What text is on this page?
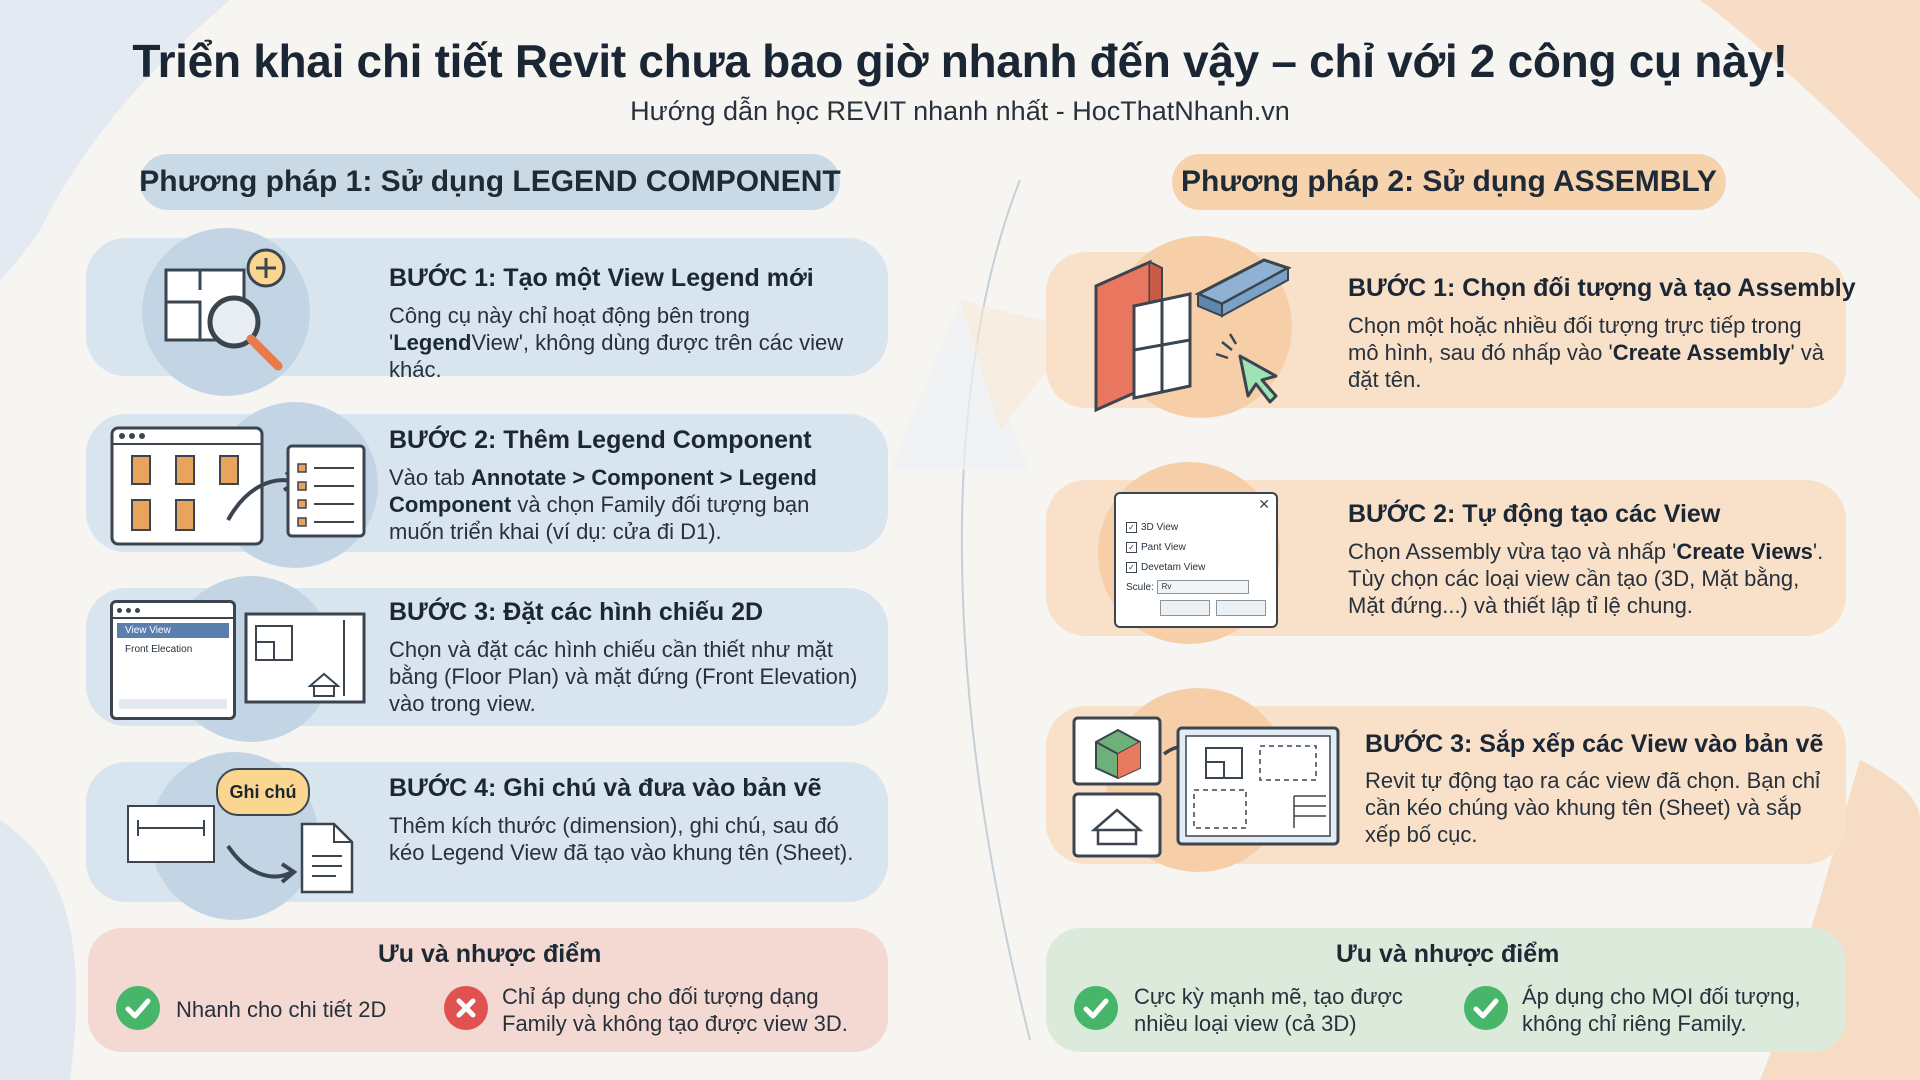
Triển khai chi tiết Revit chưa bao giờ nhanh đến vậy – chỉ với 2 công cụ này!
Hướng dẫn học REVIT nhanh nhất - HocThatNhanh.vn
Phương pháp 1: Sử dụng LEGEND COMPONENT	Phương pháp 2: Sử dụng ASSEMBLY
BƯỚC 1: Tạo một View Legend mới
Công cụ này chỉ hoạt động bên trong 'LegendView', không dùng được trên các view khác.
BƯỚC 2: Thêm Legend Component
Vào tab Annotate > Component > Legend Component và chọn Family đối tượng bạn muốn triển khai (ví dụ: cửa đi D1).
View View
Front Elecation
BƯỚC 3: Đặt các hình chiếu 2D
Chọn và đặt các hình chiếu cần thiết như mặt bằng (Floor Plan) và mặt đứng (Front Elevation) vào trong view.
Ghi chú	BƯỚC 4: Ghi chú và đưa vào bản vẽ
Thêm kích thước (dimension), ghi chú, sau đó kéo Legend View đã tạo vào khung tên (Sheet).
Ưu và nhược điểm
Nhanh cho chi tiết 2D
Chỉ áp dụng cho đối tượng dạng Family và không tạo được view 3D.
BƯỚC 1: Chọn đối tượng và tạo Assembly
Chọn một hoặc nhiều đối tượng trực tiếp trong mô hình, sau đó nhấp vào 'Create Assembly' và đặt tên.
✕
✓ 3D View
✓ Pant View
✓ Devetam View
Scule: Rv
BƯỚC 2: Tự động tạo các View
Chọn Assembly vừa tạo và nhấp 'Create Views'. Tùy chọn các loại view cần tạo (3D, Mặt bằng, Mặt đứng...) và thiết lập tỉ lệ chung.
BƯỚC 3: Sắp xếp các View vào bản vẽ
Revit tự động tạo ra các view đã chọn. Bạn chỉ cần kéo chúng vào khung tên (Sheet) và sắp xếp bố cục.
Ưu và nhược điểm
Cực kỳ mạnh mẽ, tạo được nhiều loại view (cả 3D)
Áp dụng cho MỌI đối tượng, không chỉ riêng Family.
